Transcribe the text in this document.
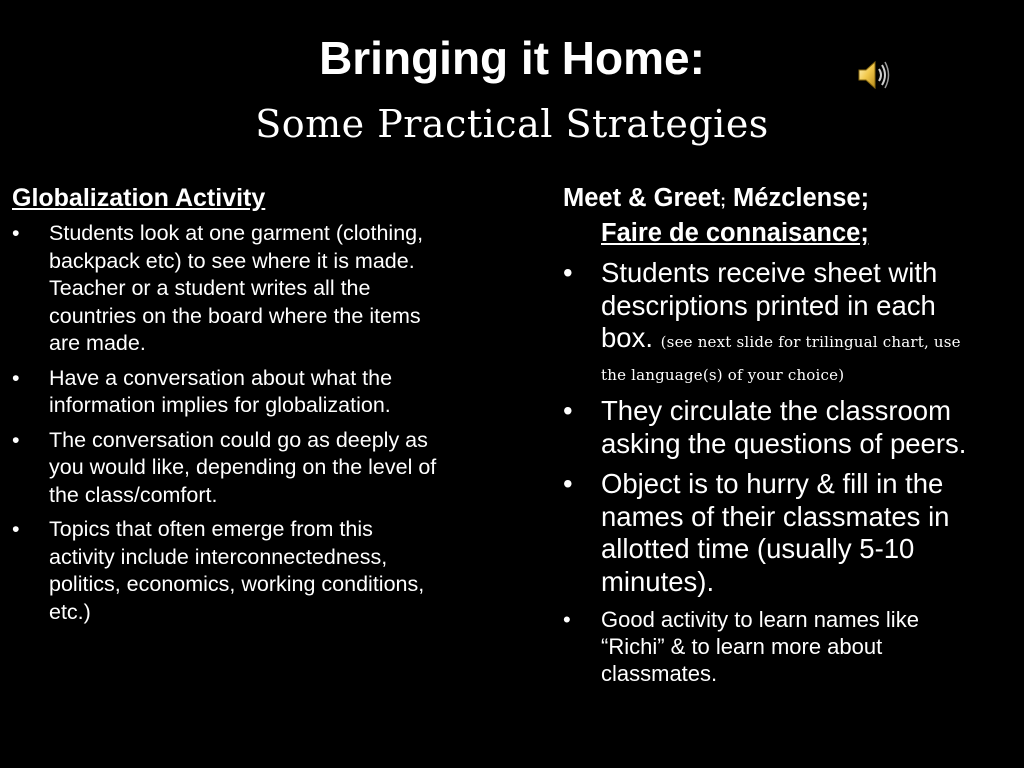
Bringing it Home:
Some Practical Strategies
Globalization Activity
• Students look at one garment (clothing, backpack etc) to see where it is made. Teacher or a student writes all the countries on the board where the items are made.
• Have a conversation about what the information implies for globalization.
• The conversation could go as deeply as you would like, depending on the level of the class/comfort.
• Topics that often emerge from this activity include interconnectedness, politics, economics, working conditions, etc.)
Meet & Greet; Mézclense;
Faire de connaisance;
• Students receive sheet with descriptions printed in each box. (see next slide for trilingual chart, use the language(s) of your choice)
• They circulate the classroom asking the questions of peers.
• Object is to hurry & fill in the names of their classmates in allotted time (usually 5-10 minutes).
• Good activity to learn names like “Richi” & to learn more about classmates.
